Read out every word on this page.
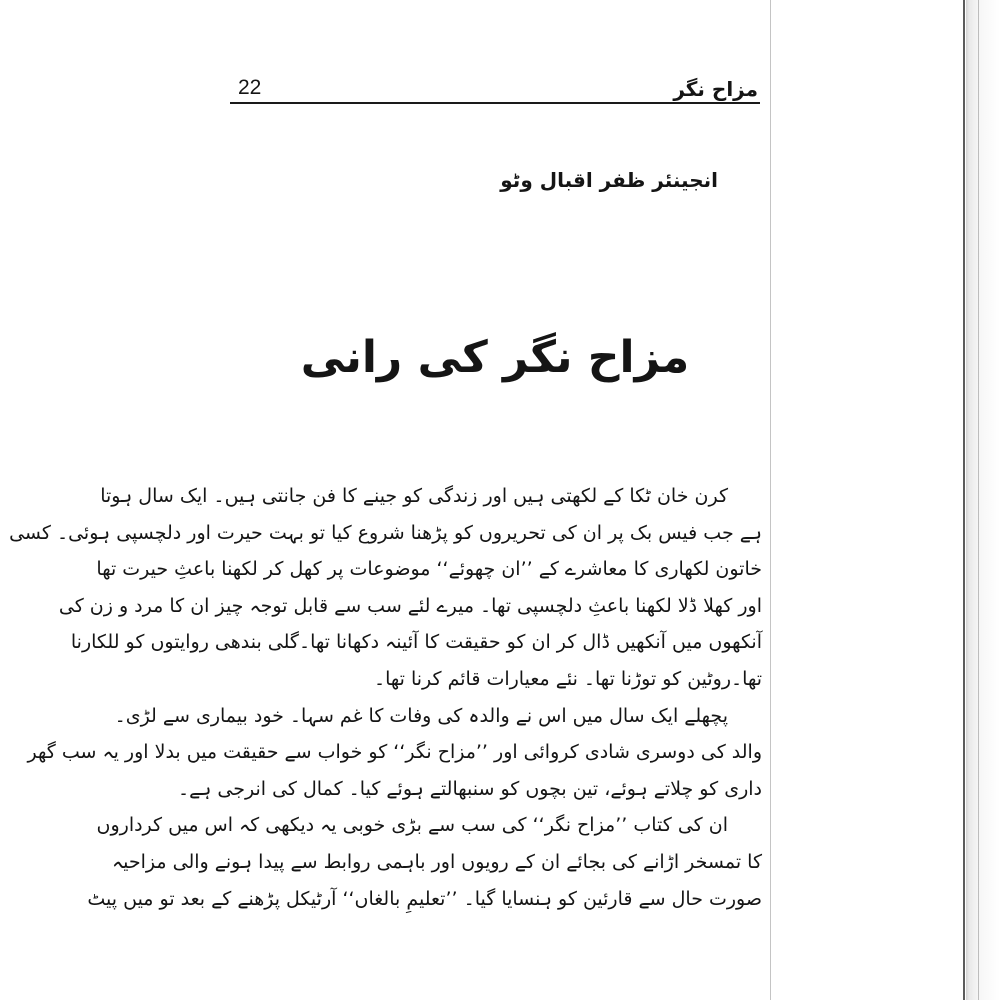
22	مزاح نگر
انجینئر ظفر اقبال وٹو
مزاح نگر کی رانی
کرن خان ٹکا کے لکھتی ہیں اور زندگی کو جینے کا فن جانتی ہیں۔ ایک سال ہوتا
ہے جب فیس بک پر ان کی تحریروں کو پڑھنا شروع کیا تو بہت حیرت اور دلچسپی ہوئی۔ کسی
خاتون لکھاری کا معاشرے کے ’’ان چھوئے‘‘ موضوعات پر کھل کر لکھنا باعثِ حیرت تھا
اور کھلا ڈلا لکھنا باعثِ دلچسپی تھا۔ میرے لئے سب سے قابل توجہ چیز ان کا مرد و زن کی
آنکھوں میں آنکھیں ڈال کر ان کو حقیقت کا آئینہ دکھانا تھا۔گلی بندھی روایتوں کو للکارنا
تھا۔روٹین کو توڑنا تھا۔ نئے معیارات قائم کرنا تھا۔
پچھلے ایک سال میں اس نے والدہ کی وفات کا غم سہا۔ خود بیماری سے لڑی۔
والد کی دوسری شادی کروائی اور ’’مزاح نگر‘‘ کو خواب سے حقیقت میں بدلا اور یہ سب گھر
داری کو چلاتے ہوئے، تین بچوں کو سنبھالتے ہوئے کیا۔ کمال کی انرجی ہے۔
ان کی کتاب ’’مزاح نگر‘‘ کی سب سے بڑی خوبی یہ دیکھی کہ اس میں کرداروں
کا تمسخر اڑانے کی بجائے ان کے رویوں اور باہمی روابط سے پیدا ہونے والی مزاحیہ
صورت حال سے قارئین کو ہنسایا گیا۔ ’’تعلیمِ بالغاں‘‘ آرٹیکل پڑھنے کے بعد تو میں پیٹ
